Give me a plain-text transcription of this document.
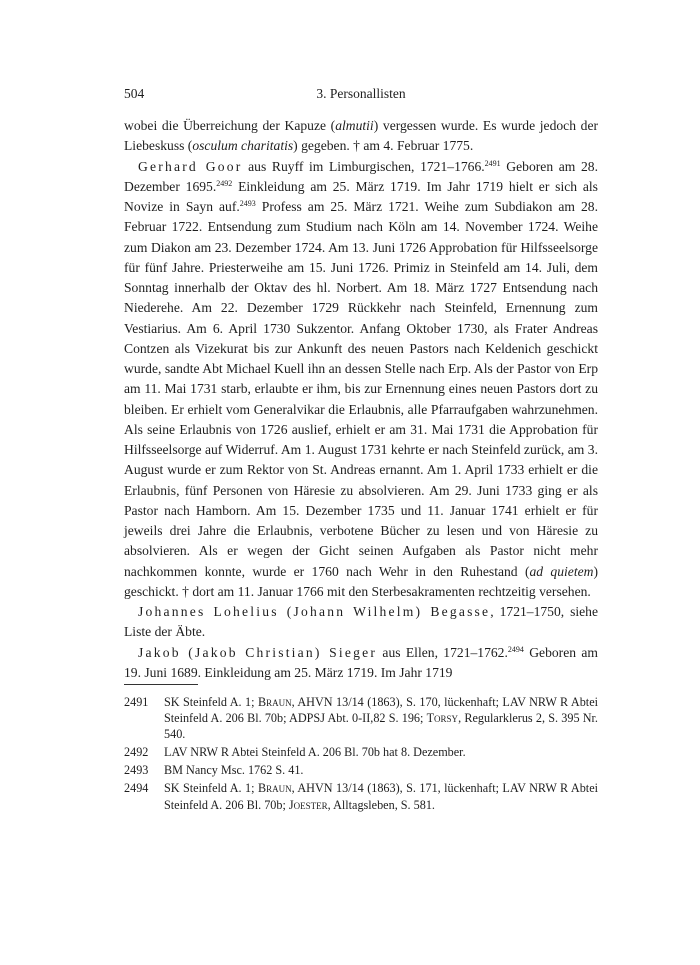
504	3. Personallisten

wobei die Überreichung der Kapuze (almutii) vergessen wurde. Es wurde jedoch der Liebeskuss (osculum charitatis) gegeben. † am 4. Februar 1775.

Gerhard Goor aus Ruyff im Limburgischen, 1721–1766.$^{2491}$ Geboren am 28. Dezember 1695.$^{2492}$ Einkleidung am 25. März 1719. Im Jahr 1719 hielt er sich als Novize in Sayn auf.$^{2493}$ Profess am 25. März 1721. Weihe zum Subdiakon am 28. Februar 1722. Entsendung zum Studium nach Köln am 14. November 1724. Weihe zum Diakon am 23. Dezember 1724. Am 13. Juni 1726 Approbation für Hilfsseelsorge für fünf Jahre. Priesterweihe am 15. Juni 1726. Primiz in Steinfeld am 14. Juli, dem Sonntag innerhalb der Oktav des hl. Norbert. Am 18. März 1727 Entsendung nach Niederehe. Am 22. Dezember 1729 Rückkehr nach Steinfeld, Ernennung zum Vestiarius. Am 6. April 1730 Sukzentor. Anfang Oktober 1730, als Frater Andreas Contzen als Vizekurat bis zur Ankunft des neuen Pastors nach Keldenich geschickt wurde, sandte Abt Michael Kuell ihn an dessen Stelle nach Erp. Als der Pastor von Erp am 11. Mai 1731 starb, erlaubte er ihm, bis zur Ernennung eines neuen Pastors dort zu bleiben. Er erhielt vom Generalvikar die Erlaubnis, alle Pfarraufgaben wahrzunehmen. Als seine Erlaubnis von 1726 auslief, erhielt er am 31. Mai 1731 die Approbation für Hilfsseelsorge auf Widerruf. Am 1. August 1731 kehrte er nach Steinfeld zurück, am 3. August wurde er zum Rektor von St. Andreas ernannt. Am 1. April 1733 erhielt er die Erlaubnis, fünf Personen von Häresie zu absolvieren. Am 29. Juni 1733 ging er als Pastor nach Hamborn. Am 15. Dezember 1735 und 11. Januar 1741 erhielt er für jeweils drei Jahre die Erlaubnis, verbotene Bücher zu lesen und von Häresie zu absolvieren. Als er wegen der Gicht seinen Aufgaben als Pastor nicht mehr nachkommen konnte, wurde er 1760 nach Wehr in den Ruhestand (ad quietem) geschickt. † dort am 11. Januar 1766 mit den Sterbesakramenten rechtzeitig versehen.

Johannes Lohelius (Johann Wilhelm) Begasse, 1721–1750, siehe Liste der Äbte.

Jakob (Jakob Christian) Sieger aus Ellen, 1721–1762.$^{2494}$ Geboren am 19. Juni 1689. Einkleidung am 25. März 1719. Im Jahr 1719

2491 SK Steinfeld A. 1; Braun, AHVN 13/14 (1863), S. 170, lückenhaft; LAV NRW R Abtei Steinfeld A. 206 Bl. 70b; ADPSJ Abt. 0-II,82 S. 196; Torsy, Regularklerus 2, S. 395 Nr. 540.
2492 LAV NRW R Abtei Steinfeld A. 206 Bl. 70b hat 8. Dezember.
2493 BM Nancy Msc. 1762 S. 41.
2494 SK Steinfeld A. 1; Braun, AHVN 13/14 (1863), S. 171, lückenhaft; LAV NRW R Abtei Steinfeld A. 206 Bl. 70b; Joester, Alltagsleben, S. 581.
